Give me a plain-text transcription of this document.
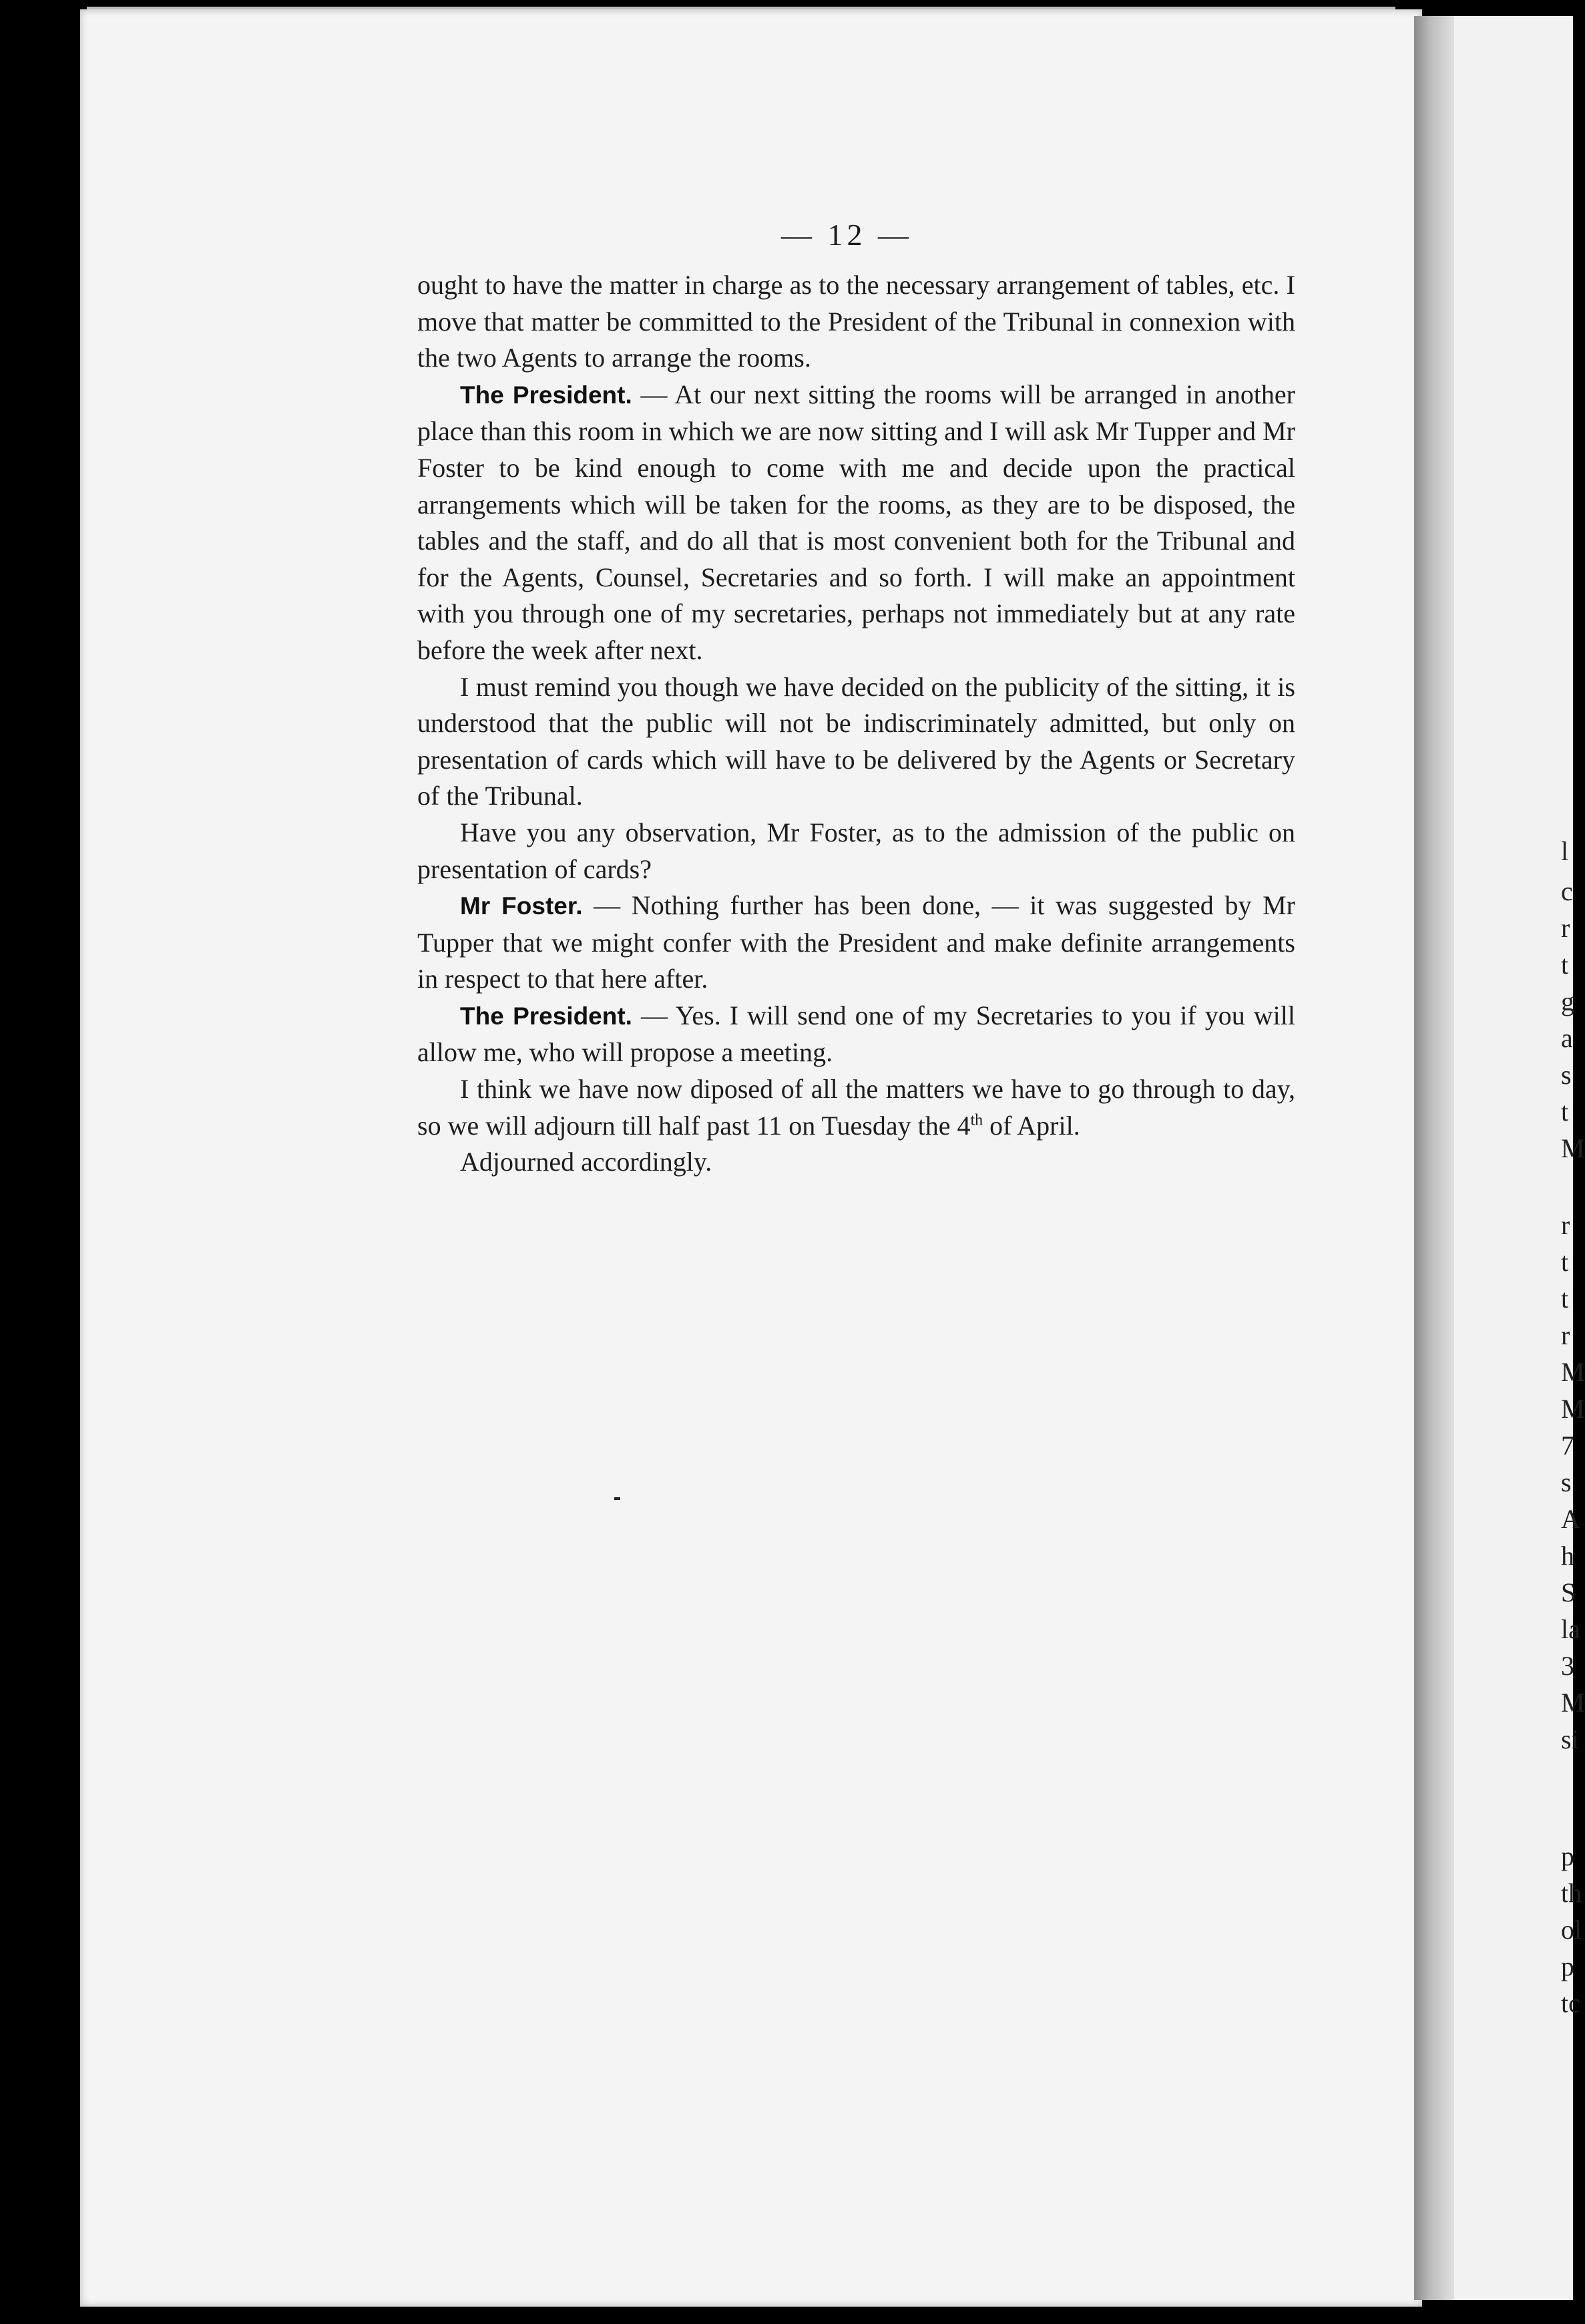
— 12 —

ought to have the matter in charge as to the necessary arrangement of tables, etc. I move that matter be committed to the President of the Tribunal in connexion with the two Agents to arrange the rooms.

The President. — At our next sitting the rooms will be arranged in another place than this room in which we are now sitting and I will ask Mr Tupper and Mr Foster to be kind enough to come with me and decide upon the practical arrangements which will be taken for the rooms, as they are to be disposed, the tables and the staff, and do all that is most convenient both for the Tribunal and for the Agents, Counsel, Secretaries and so forth. I will make an appointment with you through one of my secretaries, perhaps not immediately but at any rate before the week after next.

I must remind you though we have decided on the publicity of the sitting, it is understood that the public will not be indiscriminately admitted, but only on presentation of cards which will have to be delivered by the Agents or Secretary of the Tribunal.

Have you any observation, Mr Foster, as to the admission of the public on presentation of cards?

Mr Foster. — Nothing further has been done, — it was suggested by Mr Tupper that we might confer with the President and make definite arrangements in respect to that here after.

The President. — Yes. I will send one of my Secretaries to you if you will allow me, who will propose a meeting.

I think we have now diposed of all the matters we have to go through to day, so we will adjourn till half past 11 on Tuesday the 4th of April.

Adjourned accordingly.

l
c
r
t
g
a
s
t
M
r
t
t
r
M
M
7
s
A
h
S
la
3
M
si
p
th
ol
p
tc
